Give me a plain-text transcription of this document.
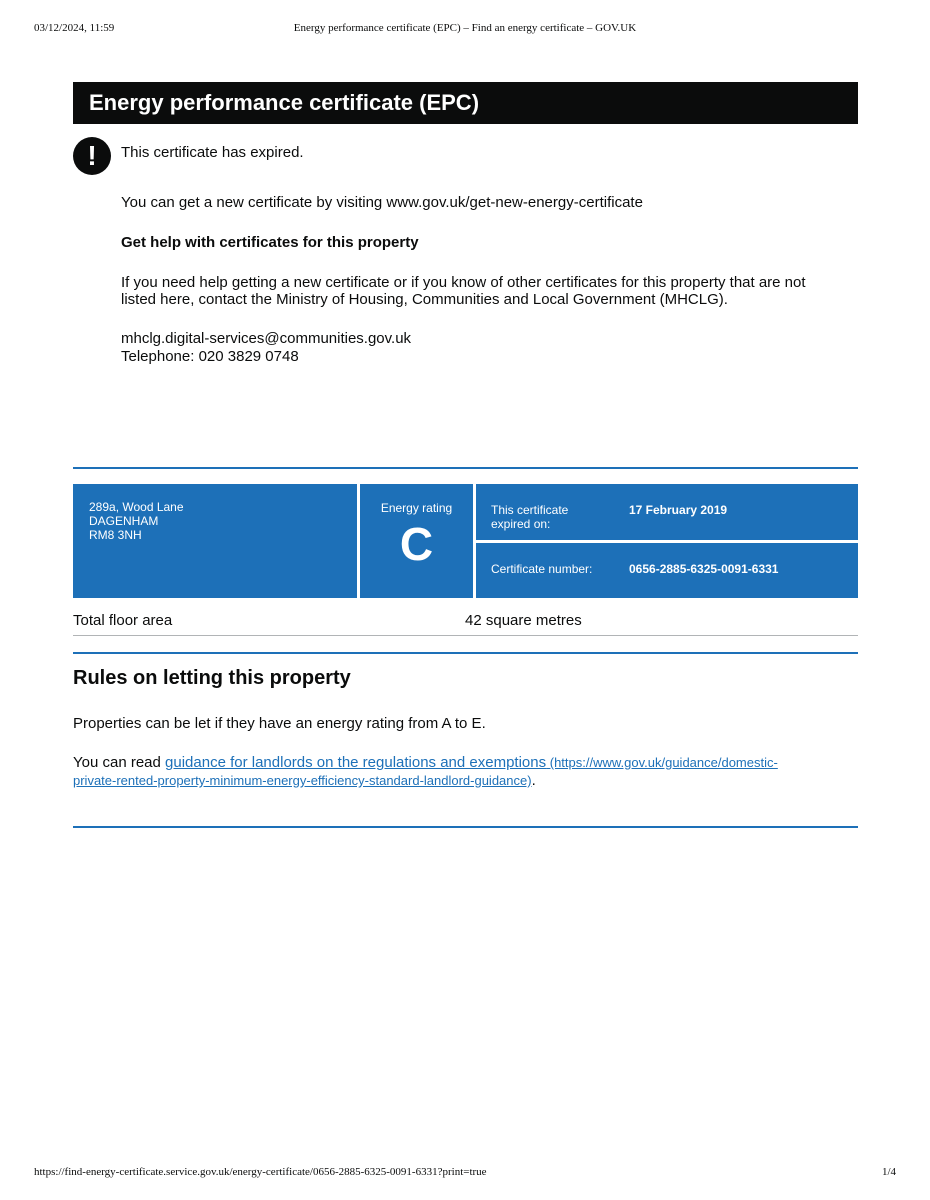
03/12/2024, 11:59	Energy performance certificate (EPC) – Find an energy certificate – GOV.UK
Energy performance certificate (EPC)
!	This certificate has expired.
You can get a new certificate by visiting www.gov.uk/get-new-energy-certificate
Get help with certificates for this property
If you need help getting a new certificate or if you know of other certificates for this property that are not
listed here, contact the Ministry of Housing, Communities and Local Government (MHCLG).
mhclg.digital-services@communities.gov.uk
Telephone: 020 3829 0748
289a, Wood Lane
DAGENHAM
RM8 3NH
Energy rating
C
This certificate
expired on:
17 February 2019
Certificate number:	0656-2885-6325-0091-6331
Total floor area	42 square metres
Rules on letting this property
Properties can be let if they have an energy rating from A to E.
You can read guidance for landlords on the regulations and exemptions (https://www.gov.uk/guidance/domestic-
private-rented-property-minimum-energy-efficiency-standard-landlord-guidance).
https://find-energy-certificate.service.gov.uk/energy-certificate/0656-2885-6325-0091-6331?print=true	1/4
